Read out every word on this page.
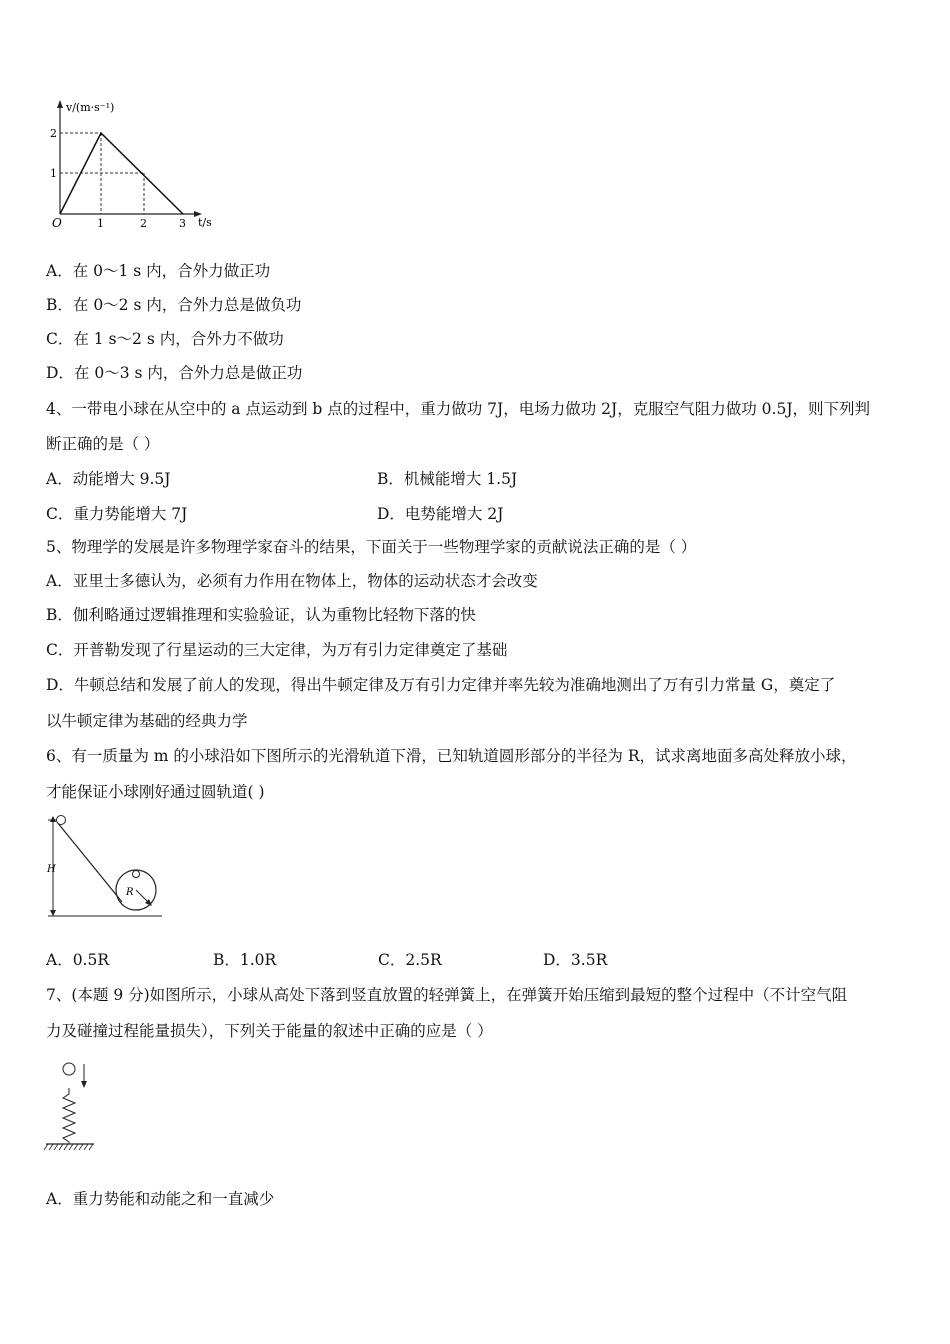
v/(m·s⁻¹)
t/s
O
2
1
1	2	3
A．在 0～1 s 内，合外力做正功
B．在 0～2 s 内，合外力总是做负功
C．在 1 s～2 s 内，合外力不做功
D．在 0～3 s 内，合外力总是做正功
4、一带电小球在从空中的 a 点运动到 b 点的过程中，重力做功 7J，电场力做功 2J，克服空气阻力做功 0.5J，则下列判
断正确的是（ ）
A．动能增大 9.5J	B．机械能增大 1.5J
C．重力势能增大 7J	D．电势能增大 2J
5、物理学的发展是许多物理学家奋斗的结果，下面关于一些物理学家的贡献说法正确的是（ ）
A．亚里士多德认为，必须有力作用在物体上，物体的运动状态才会改变
B．伽利略通过逻辑推理和实验验证，认为重物比轻物下落的快
C．开普勒发现了行星运动的三大定律，为万有引力定律奠定了基础
D．牛顿总结和发展了前人的发现，得出牛顿定律及万有引力定律并率先较为准确地测出了万有引力常量 G，奠定了
以牛顿定律为基础的经典力学
6、有一质量为 m 的小球沿如下图所示的光滑轨道下滑，已知轨道圆形部分的半径为 R，试求离地面多高处释放小球，
才能保证小球刚好通过圆轨道( )
H
R
A．0.5R	B．1.0R	C．2.5R	D．3.5R
7、(本题 9 分)如图所示，小球从高处下落到竖直放置的轻弹簧上，在弹簧开始压缩到最短的整个过程中（不计空气阻
力及碰撞过程能量损失），下列关于能量的叙述中正确的应是（ ）
A．重力势能和动能之和一直减少
